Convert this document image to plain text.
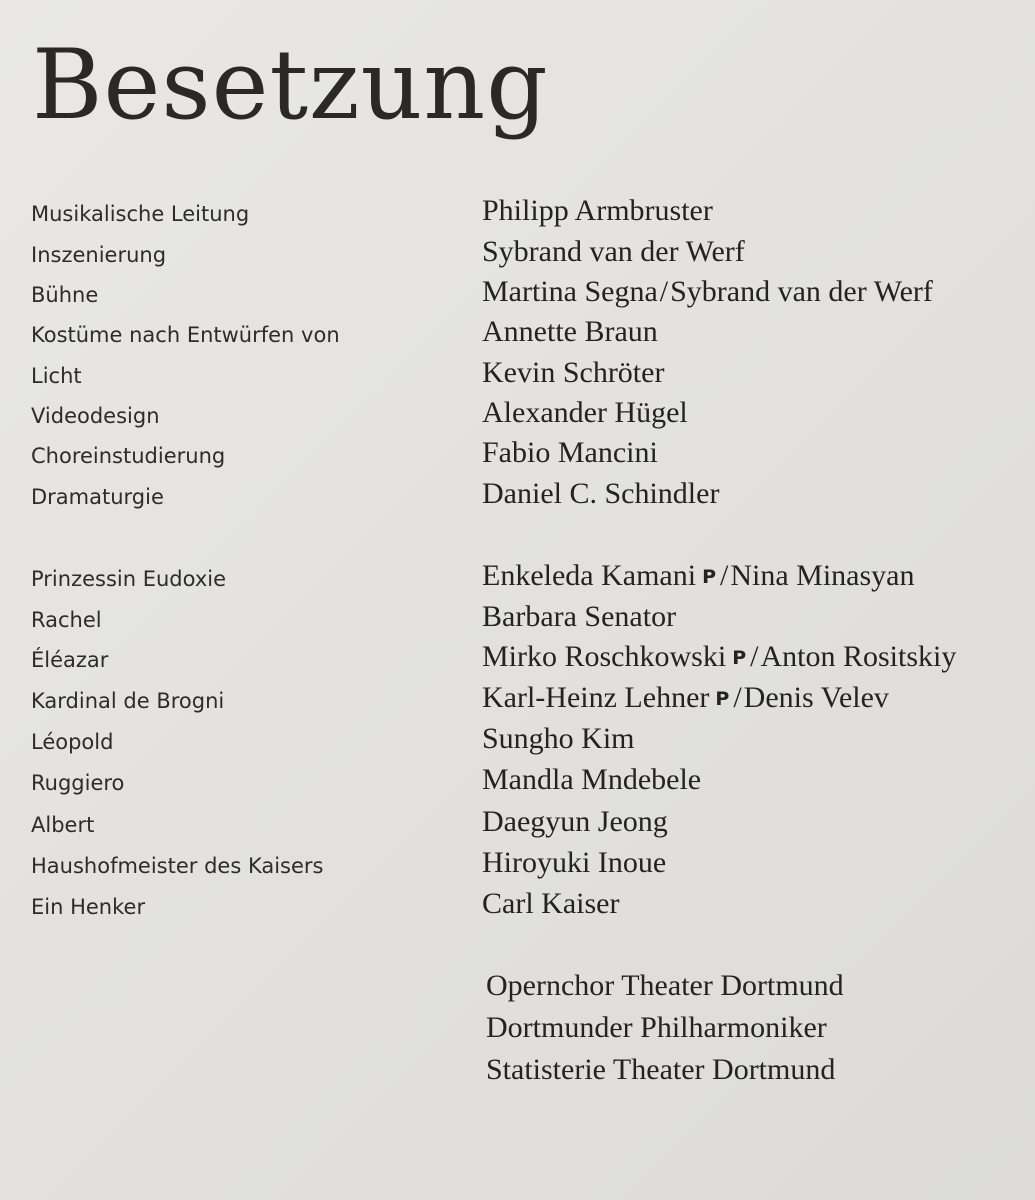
Besetzung
Musikalische Leitung	Philipp Armbruster
Inszenierung	Sybrand van der Werf
Bühne	Martina Segna/Sybrand van der Werf
Kostüme nach Entwürfen von	Annette Braun
Licht	Kevin Schröter
Videodesign	Alexander Hügel
Choreinstudierung	Fabio Mancini
Dramaturgie	Daniel C. Schindler
Prinzessin Eudoxie	Enkeleda Kamani P /Nina Minasyan
Rachel	Barbara Senator
Éléazar	Mirko Roschkowski P /Anton Rositskiy
Kardinal de Brogni	Karl-Heinz Lehner P /Denis Velev
Léopold	Sungho Kim
Ruggiero	Mandla Mndebele
Albert	Daegyun Jeong
Haushofmeister des Kaisers	Hiroyuki Inoue
Ein Henker	Carl Kaiser
Opernchor Theater Dortmund
Dortmunder Philharmoniker
Statisterie Theater Dortmund
